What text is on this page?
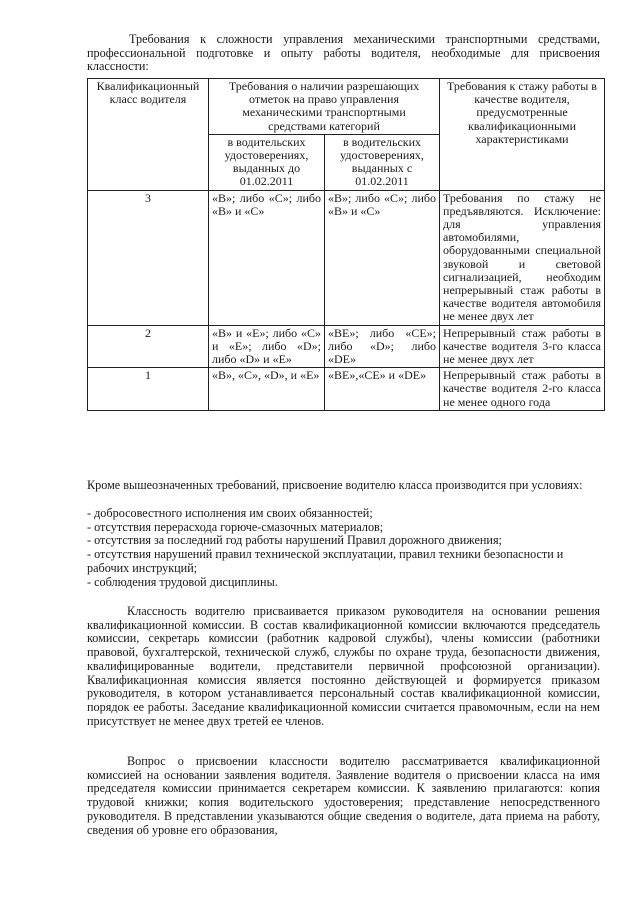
Требования к сложности управления механическими транспортными средствами, профессиональной подготовке и опыту работы водителя, необходимые для присвоения классности:
Квалификационный класс водителя	Требования о наличии разрешающих отметок на право управления механическими транспортными средствами категорий		Требования к стажу работы в качестве водителя, предусмотренные квалификационными характеристиками
	в водительских удостоверениях, выданных до 01.02.2011	в водительских удостоверениях, выданных с 01.02.2011	
3	«В»; либо «С»; либо «В» и «С»	«В»; либо «С»; либо «В» и «С»	Требования по стажу не предъявляются. Исключение: для управления автомобилями, оборудованными специальной звуковой и световой сигнализацией, необходим непрерывный стаж работы в качестве водителя автомобиля не менее двух лет
2	«В» и «Е»; либо «С» и «Е»; либо «D»; либо «D» и «Е»	«ВЕ»; либо «СЕ»; либо «D»; либо «DE»	Непрерывный стаж работы в качестве водителя 3-го класса не менее двух лет
1	«В», «С», «D», и «Е»	«ВЕ»,«СЕ» и «DE»	Непрерывный стаж работы в качестве водителя 2-го класса не менее одного года
Кроме вышеозначенных требований, присвоение водителю класса производится при условиях:
- добросовестного исполнения им своих обязанностей;
- отсутствия перерасхода горюче-смазочных материалов;
- отсутствия за последний год работы нарушений Правил дорожного движения;
- отсутствия нарушений правил технической эксплуатации, правил техники безопасности и рабочих инструкций;
- соблюдения трудовой дисциплины.
Классность водителю присваивается приказом руководителя на основании решения квалификационной комиссии. В состав квалификационной комиссии включаются председатель комиссии, секретарь комиссии (работник кадровой службы), члены комиссии (работники правовой, бухгалтерской, технической служб, службы по охране труда, безопасности движения, квалифицированные водители, представители первичной профсоюзной организации). Квалификационная комиссия является постоянно действующей и формируется приказом руководителя, в котором устанавливается персональный состав квалификационной комиссии, порядок ее работы. Заседание квалификационной комиссии считается правомочным, если на нем присутствует не менее двух третей ее членов.
Вопрос о присвоении классности водителю рассматривается квалификационной комиссией на основании заявления водителя. Заявление водителя о присвоении класса на имя председателя комиссии принимается секретарем комиссии. К заявлению прилагаются: копия трудовой книжки; копия водительского удостоверения; представление непосредственного руководителя. В представлении указываются общие сведения о водителе, дата приема на работу, сведения об уровне его образования,
